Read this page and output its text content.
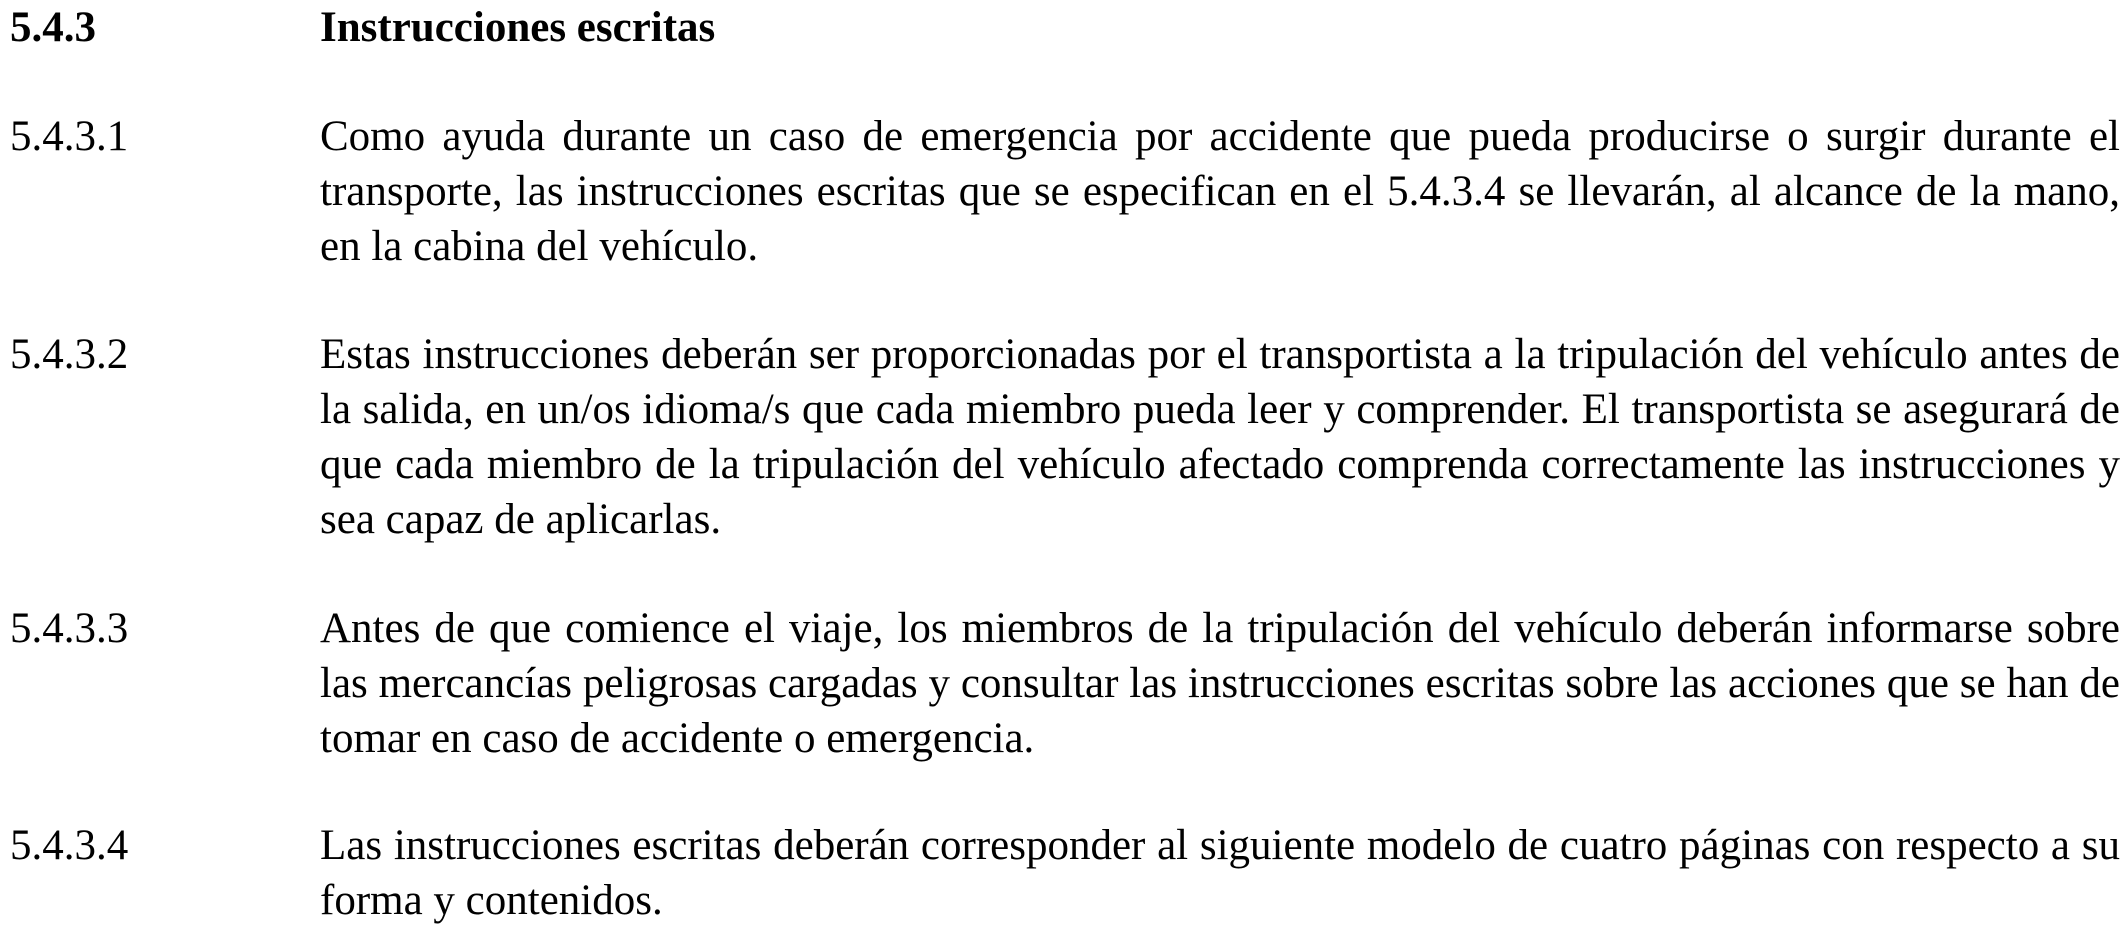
5.4.3	Instrucciones escritas
5.4.3.1	Como ayuda durante un caso de emergencia por accidente que pueda producirse o surgir durante el transporte, las instrucciones escritas que se especifican en el 5.4.3.4 se llevarán, al alcance de la mano, en la cabina del vehículo.
5.4.3.2	Estas instrucciones deberán ser proporcionadas por el transportista a la tripulación del vehículo antes de la salida, en un/os idioma/s que cada miembro pueda leer y comprender. El transportista se asegurará de que cada miembro de la tripulación del vehículo afectado comprenda correctamente las instrucciones y sea capaz de aplicarlas.
5.4.3.3	Antes de que comience el viaje, los miembros de la tripulación del vehículo deberán informarse sobre las mercancías peligrosas cargadas y consultar las instrucciones escritas sobre las acciones que se han de tomar en caso de accidente o emergencia.
5.4.3.4	Las instrucciones escritas deberán corresponder al siguiente modelo de cuatro páginas con respecto a su forma y contenidos.
